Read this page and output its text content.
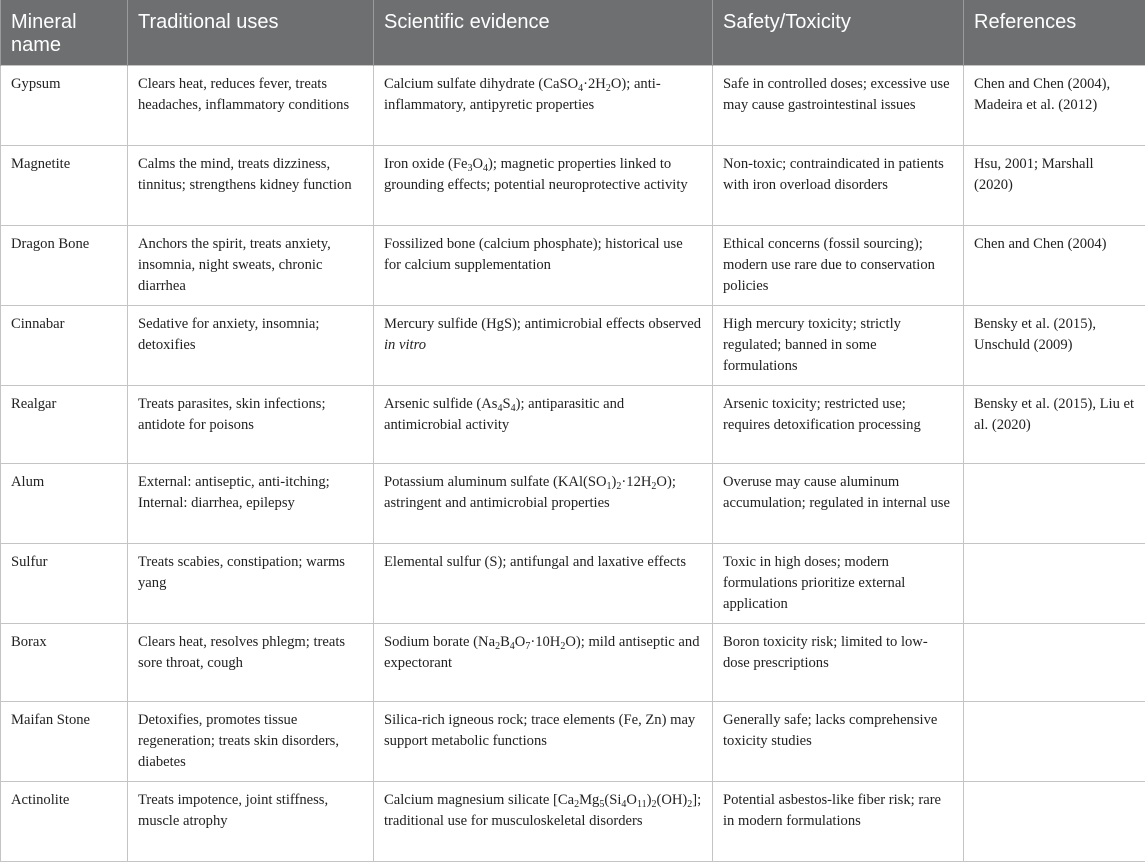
Mineral name	Traditional uses	Scientific evidence	Safety/Toxicity	References
Gypsum	Clears heat, reduces fever, treats headaches, inflammatory conditions	Calcium sulfate dihydrate $(CaSO_4\cdot 2H_2O)$; anti-inflammatory, antipyretic properties	Safe in controlled doses; excessive use may cause gastrointestinal issues	Chen and Chen (2004), Madeira et al. (2012)
Magnetite	Calms the mind, treats dizziness, tinnitus; strengthens kidney function	Iron oxide $(Fe_3O_4)$; magnetic properties linked to grounding effects; potential neuroprotective activity	Non-toxic; contraindicated in patients with iron overload disorders	Hsu, 2001; Marshall (2020)
Dragon Bone	Anchors the spirit, treats anxiety, insomnia, night sweats, chronic diarrhea	Fossilized bone (calcium phosphate); historical use for calcium supplementation	Ethical concerns (fossil sourcing); modern use rare due to conservation policies	Chen and Chen (2004)
Cinnabar	Sedative for anxiety, insomnia; detoxifies	Mercury sulfide (HgS); antimicrobial effects observed in vitro	High mercury toxicity; strictly regulated; banned in some formulations	Bensky et al. (2015), Unschuld (2009)
Realgar	Treats parasites, skin infections; antidote for poisons	Arsenic sulfide $(As_4S_4)$; antiparasitic and antimicrobial activity	Arsenic toxicity; restricted use; requires detoxification processing	Bensky et al. (2015), Liu et al. (2020)
Alum	External: antiseptic, anti-itching; Internal: diarrhea, epilepsy	Potassium aluminum sulfate $(KAl(SO_1)_2\cdot 12H_2O)$; astringent and antimicrobial properties	Overuse may cause aluminum accumulation; regulated in internal use	
Sulfur	Treats scabies, constipation; warms yang	Elemental sulfur (S); antifungal and laxative effects	Toxic in high doses; modern formulations prioritize external application	
Borax	Clears heat, resolves phlegm; treats sore throat, cough	Sodium borate $(Na_2B_4O_7\cdot 10H_2O)$; mild antiseptic and expectorant	Boron toxicity risk; limited to low-dose prescriptions	
Maifan Stone	Detoxifies, promotes tissue regeneration; treats skin disorders, diabetes	Silica-rich igneous rock; trace elements (Fe, Zn) may support metabolic functions	Generally safe; lacks comprehensive toxicity studies	
Actinolite	Treats impotence, joint stiffness, muscle atrophy	Calcium magnesium silicate $[Ca_2Mg_5(Si_4O_{11})_2(OH)_2]$; traditional use for musculoskeletal disorders	Potential asbestos-like fiber risk; rare in modern formulations	
